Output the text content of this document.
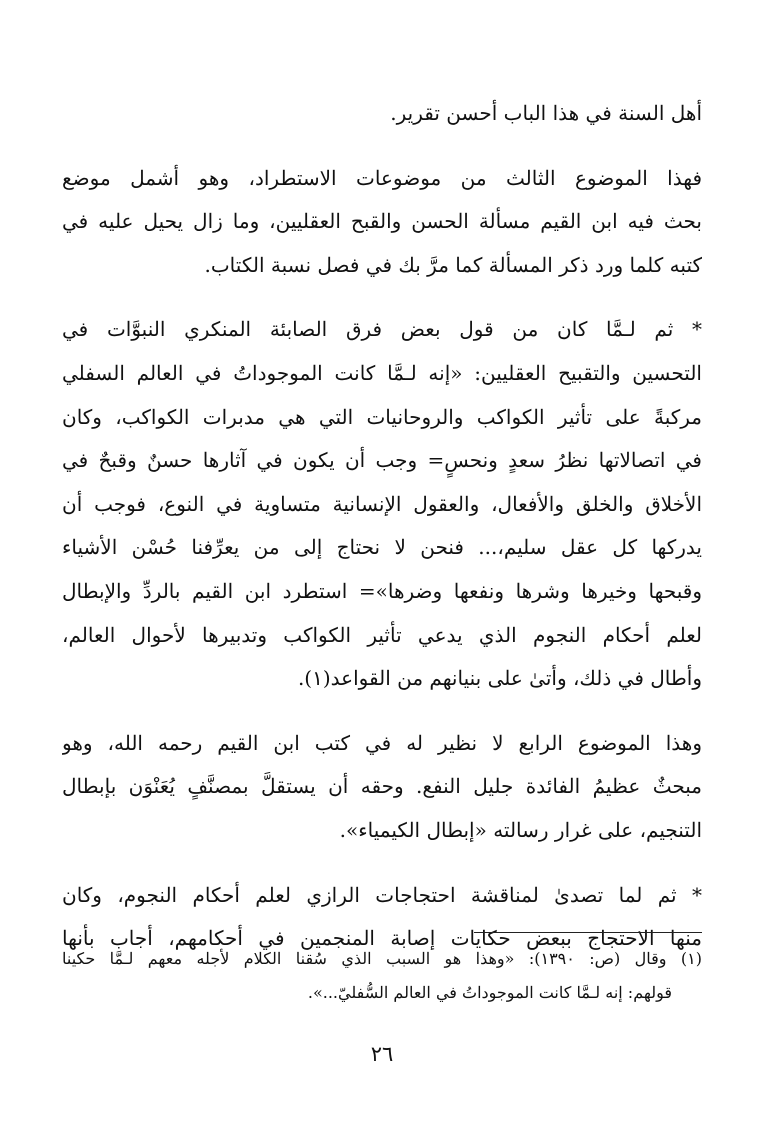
أهل السنة في هذا الباب أحسن تقرير.
فهذا الموضوع الثالث من موضوعات الاستطراد، وهو أشمل موضع
بحث فيه ابن القيم مسألة الحسن والقبح العقليين، وما زال يحيل عليه في
كتبه كلما ورد ذكر المسألة كما مرَّ بك في فصل نسبة الكتاب.
* ثم لـمَّا كان من قول بعض فرق الصابئة المنكري النبوَّات في
التحسين والتقبيح العقليين: «إنه لـمَّا كانت الموجوداتُ في العالم السفلي
مركبةً على تأثير الكواكب والروحانيات التي هي مدبرات الكواكب، وكان
في اتصالاتها نظرُ سعدٍ ونحسٍ= وجب أن يكون في آثارها حسنٌ وقبحٌ في
الأخلاق والخلق والأفعال، والعقول الإنسانية متساوية في النوع، فوجب أن
يدركها كل عقل سليم،... فنحن لا نحتاج إلى من يعرِّفنا حُسْن الأشياء
وقبحها وخيرها وشرها ونفعها وضرها»= استطرد ابن القيم بالردِّ والإبطال
لعلم أحكام النجوم الذي يدعي تأثير الكواكب وتدبيرها لأحوال العالم،
وأطال في ذلك، وأتىٰ على بنيانهم من القواعد(١).
وهذا الموضوع الرابع لا نظير له في كتب ابن القيم رحمه الله، وهو
مبحثٌ عظيمُ الفائدة جليل النفع. وحقه أن يستقلَّ بمصنَّفٍ يُعَنْوَن بإبطال
التنجيم، على غرار رسالته «إبطال الكيمياء».
* ثم لما تصدىٰ لمناقشة احتجاجات الرازي لعلم أحكام النجوم، وكان
منها الاحتجاج ببعض حكايات إصابة المنجمين في أحكامهم، أجاب بأنها
(١) وقال (ص: ١٣٩٠): «وهذا هو السبب الذي سُقنا الكلام لأجله معهم لـمَّا حكينا
قولهم: إنه لـمَّا كانت الموجوداتُ في العالم السُّفليّ...».
٢٦
